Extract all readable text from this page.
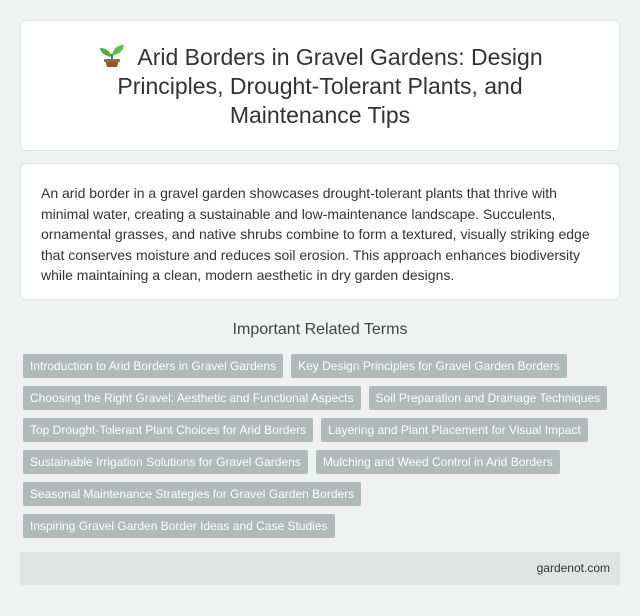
Arid Borders in Gravel Gardens: Design Principles, Drought-Tolerant Plants, and Maintenance Tips

An arid border in a gravel garden showcases drought-tolerant plants that thrive with minimal water, creating a sustainable and low-maintenance landscape. Succulents, ornamental grasses, and native shrubs combine to form a textured, visually striking edge that conserves moisture and reduces soil erosion. This approach enhances biodiversity while maintaining a clean, modern aesthetic in dry garden designs.

Important Related Terms
Introduction to Arid Borders in Gravel Gardens	Key Design Principles for Gravel Garden Borders
Choosing the Right Gravel: Aesthetic and Functional Aspects	Soil Preparation and Drainage Techniques
Top Drought-Tolerant Plant Choices for Arid Borders	Layering and Plant Placement for Visual Impact
Sustainable Irrigation Solutions for Gravel Gardens	Mulching and Weed Control in Arid Borders
Seasonal Maintenance Strategies for Gravel Garden Borders
Inspiring Gravel Garden Border Ideas and Case Studies
gardenot.com
